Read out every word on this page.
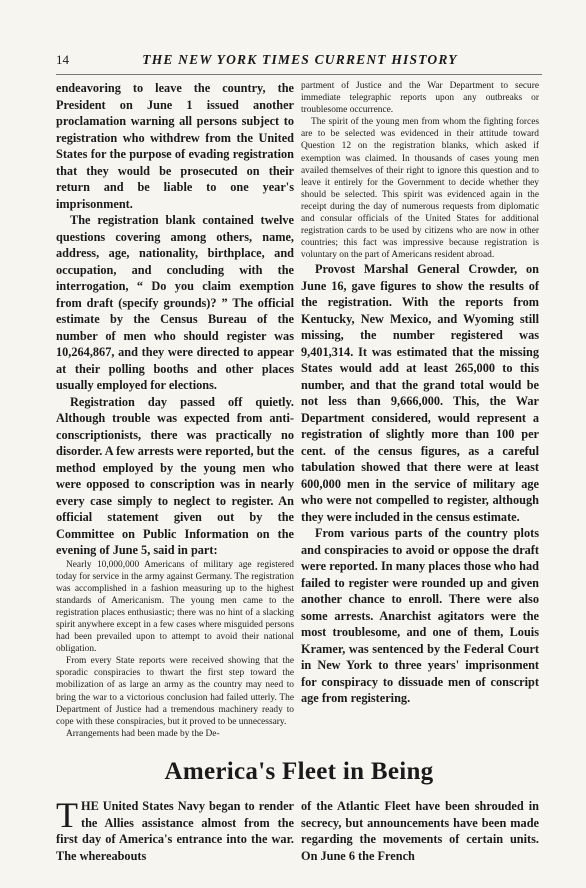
14	THE NEW YORK TIMES CURRENT HISTORY

endeavoring to leave the country, the President on June 1 issued another proclamation warning all persons subject to registration who withdrew from the United States for the purpose of evading registration that they would be prosecuted on their return and be liable to one year's imprisonment.

The registration blank contained twelve questions covering among others, name, address, age, nationality, birthplace, and occupation, and concluding with the interrogation, “ Do you claim exemption from draft (specify grounds)? ” The official estimate by the Census Bureau of the number of men who should register was 10,264,867, and they were directed to appear at their polling booths and other places usually employed for elections.

Registration day passed off quietly. Although trouble was expected from anti-conscriptionists, there was practically no disorder. A few arrests were reported, but the method employed by the young men who were opposed to conscription was in nearly every case simply to neglect to register. An official statement given out by the Committee on Public Information on the evening of June 5, said in part:

Nearly 10,000,000 Americans of military age registered today for service in the army against Germany. The registration was accomplished in a fashion measuring up to the highest standards of Americanism. The young men came to the registration places enthusiastic; there was no hint of a slacking spirit anywhere except in a few cases where misguided persons had been prevailed upon to attempt to avoid their national obligation.

From every State reports were received showing that the sporadic conspiracies to thwart the first step toward the mobilization of as large an army as the country may need to bring the war to a victorious conclusion had failed utterly. The Department of Justice had a tremendous machinery ready to cope with these conspiracies, but it proved to be unnecessary.

Arrangements had been made by the De-

partment of Justice and the War Department to secure immediate telegraphic reports upon any outbreaks or troublesome occurrence.

The spirit of the young men from whom the fighting forces are to be selected was evidenced in their attitude toward Question 12 on the registration blanks, which asked if exemption was claimed. In thousands of cases young men availed themselves of their right to ignore this question and to leave it entirely for the Government to decide whether they should be selected. This spirit was evidenced again in the receipt during the day of numerous requests from diplomatic and consular officials of the United States for additional registration cards to be used by citizens who are now in other countries; this fact was impressive because registration is voluntary on the part of Americans resident abroad.

Provost Marshal General Crowder, on June 16, gave figures to show the results of the registration. With the reports from Kentucky, New Mexico, and Wyoming still missing, the number registered was 9,401,314. It was estimated that the missing States would add at least 265,000 to this number, and that the grand total would be not less than 9,666,000. This, the War Department considered, would represent a registration of slightly more than 100 per cent. of the census figures, as a careful tabulation showed that there were at least 600,000 men in the service of military age who were not compelled to register, although they were included in the census estimate.

From various parts of the country plots and conspiracies to avoid or oppose the draft were reported. In many places those who had failed to register were rounded up and given another chance to enroll. There were also some arrests. Anarchist agitators were the most troublesome, and one of them, Louis Kramer, was sentenced by the Federal Court in New York to three years' imprisonment for conspiracy to dissuade men of conscript age from registering.

America's Fleet in Being

THE United States Navy began to render the Allies assistance almost from the first day of America's entrance into the war. The whereabouts

of the Atlantic Fleet have been shrouded in secrecy, but announcements have been made regarding the movements of certain units. On June 6 the French
